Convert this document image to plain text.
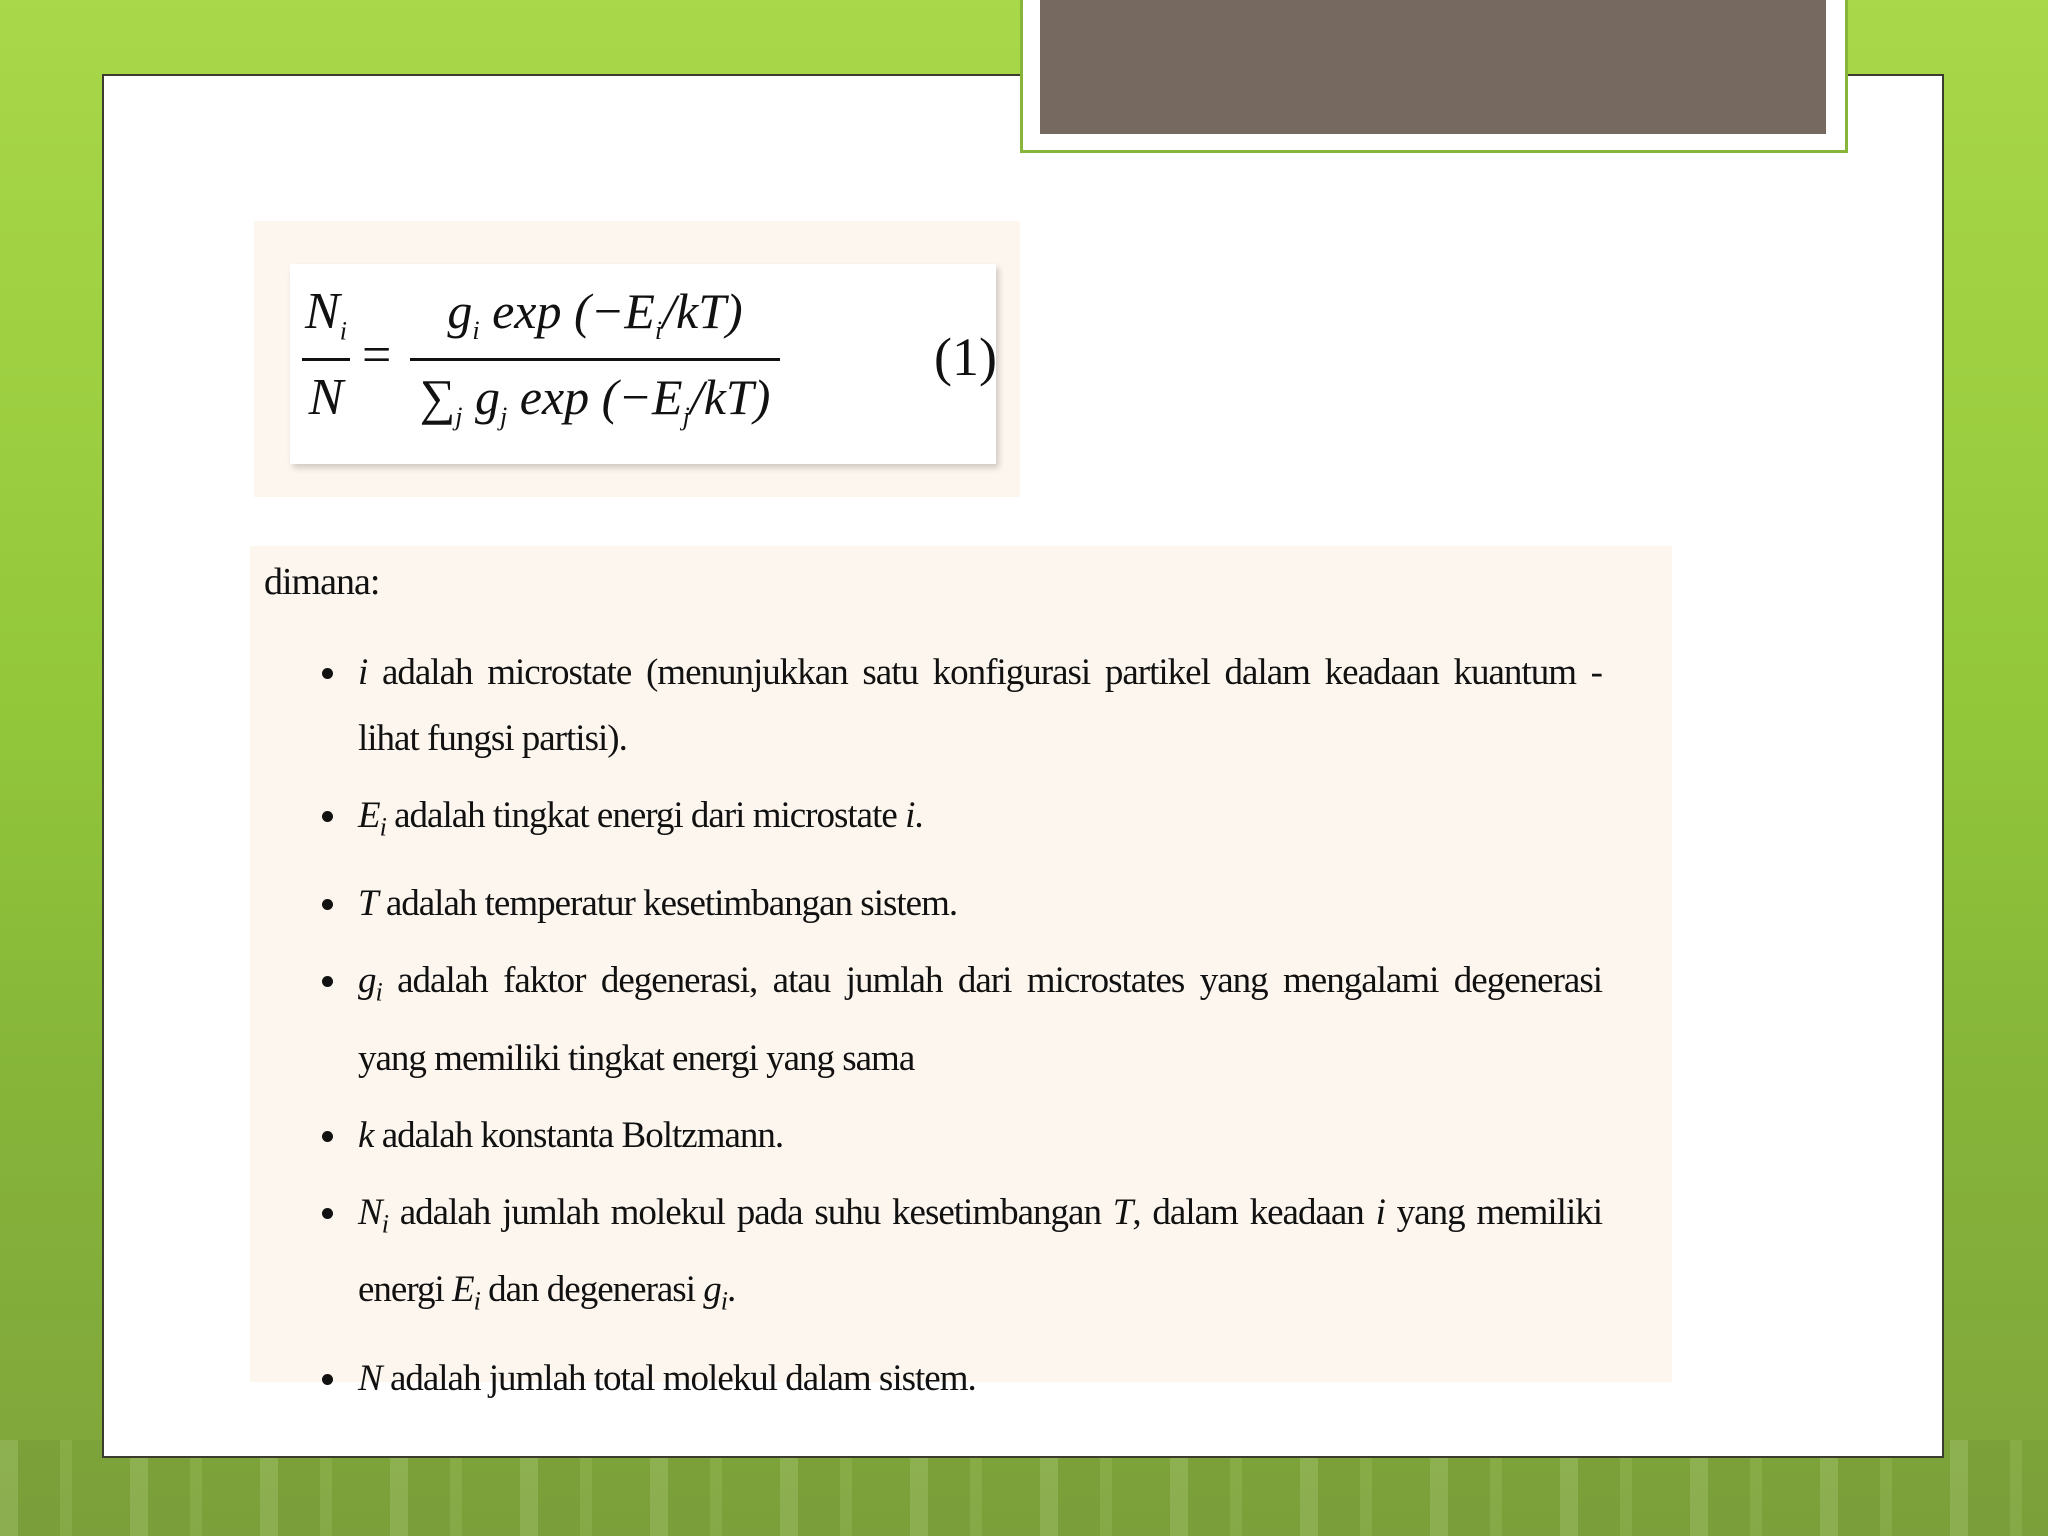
$N_i$
N
=
$g_i$ $\exp (-E_i/kT)$
$\sum_j$ $g_j$ $\exp (-E_j/kT)$
(1)
dimana:
i adalah microstate (menunjukkan satu konfigurasi partikel dalam keadaan kuantum - lihat fungsi partisi).
$E_i$ adalah tingkat energi dari microstate i.
T adalah temperatur kesetimbangan sistem.
$g_i$ adalah faktor degenerasi, atau jumlah dari microstates yang mengalami degenerasi yang memiliki tingkat energi yang sama
k adalah konstanta Boltzmann.
$N_i$ adalah jumlah molekul pada suhu kesetimbangan T, dalam keadaan i yang memiliki energi $E_i$ dan degenerasi $g_i$.
N adalah jumlah total molekul dalam sistem.
